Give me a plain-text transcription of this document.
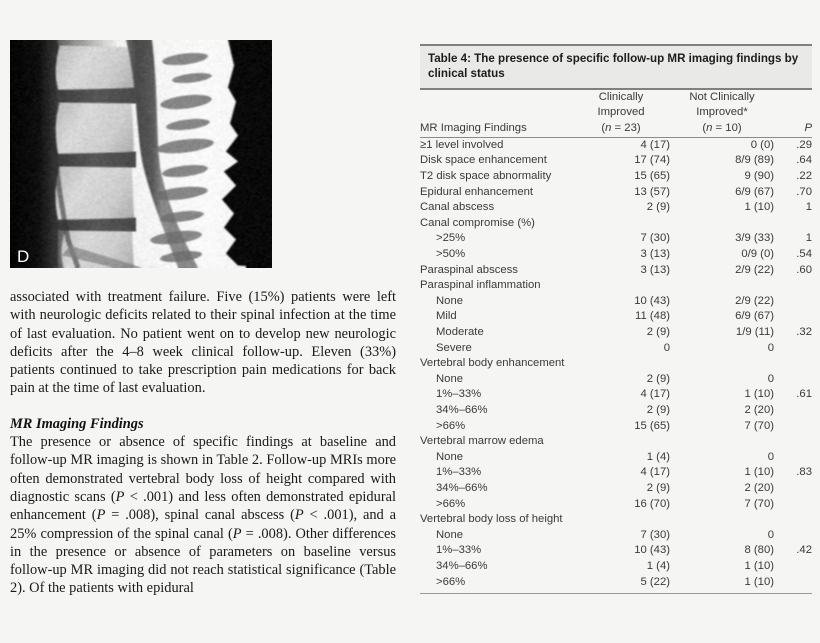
D

associated with treatment failure. Five (15%) patients were left with neurologic deficits related to their spinal infection at the time of last evaluation. No patient went on to develop new neurologic deficits after the 4–8 week clinical follow-up. Eleven (33%) patients continued to take prescription pain medications for back pain at the time of last evaluation.

MR Imaging Findings

The presence or absence of specific findings at baseline and follow-up MR imaging is shown in Table 2. Follow-up MRIs more often demonstrated vertebral body loss of height compared with diagnostic scans (P < .001) and less often demonstrated epidural enhancement (P = .008), spinal canal abscess (P < .001), and a 25% compression of the spinal canal (P = .008). Other differences in the presence or absence of parameters on baseline versus follow-up MR imaging did not reach statistical significance (Table 2). Of the patients with epidural

Table 4: The presence of specific follow-up MR imaging findings by clinical status
	Clinically	Not Clinically	
	Improved	Improved*	
MR Imaging Findings	(n = 23)	(n = 10)	P
≥1 level involved	4 (17)	0 (0)	.29
Disk space enhancement	17 (74)	8/9 (89)	.64
T2 disk space abnormality	15 (65)	9 (90)	.22
Epidural enhancement	13 (57)	6/9 (67)	.70
Canal abscess	2 (9)	1 (10)	1
Canal compromise (%)			
>25%	7 (30)	3/9 (33)	1
>50%	3 (13)	0/9 (0)	.54
Paraspinal abscess	3 (13)	2/9 (22)	.60
Paraspinal inflammation			
None	10 (43)	2/9 (22)	
Mild	11 (48)	6/9 (67)	
Moderate	2 (9)	1/9 (11)	.32
Severe	0	0	
Vertebral body enhancement			
None	2 (9)	0	
1%–33%	4 (17)	1 (10)	.61
34%–66%	2 (9)	2 (20)	
>66%	15 (65)	7 (70)	
Vertebral marrow edema			
None	1 (4)	0	
1%–33%	4 (17)	1 (10)	.83
34%–66%	2 (9)	2 (20)	
>66%	16 (70)	7 (70)	
Vertebral body loss of height			
None	7 (30)	0	
1%–33%	10 (43)	8 (80)	.42
34%–66%	1 (4)	1 (10)	
>66%	5 (22)	1 (10)	
